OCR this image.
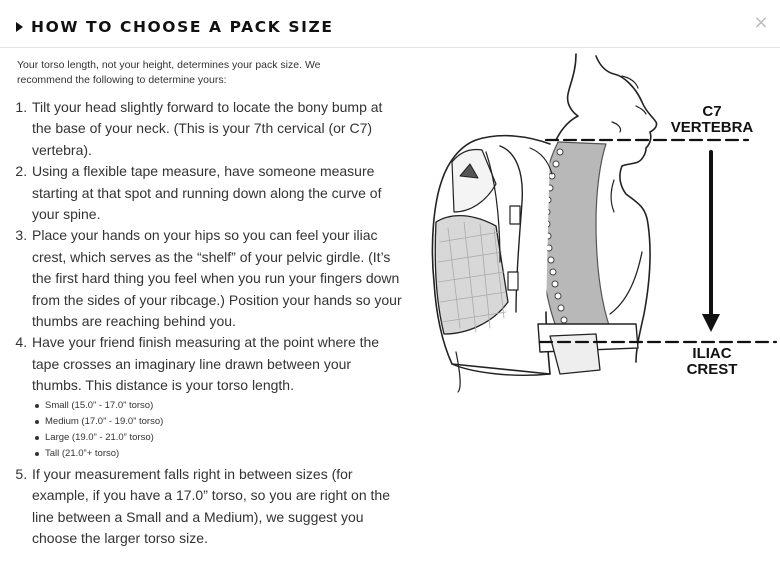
HOW TO CHOOSE A PACK SIZE	×

Your torso length, not your height, determines your pack size. We recommend the following to determine yours:

1. Tilt your head slightly forward to locate the bony bump at the base of your neck. (This is your 7th cervical (or C7) vertebra).
2. Using a flexible tape measure, have someone measure starting at that spot and running down along the curve of your spine.
3. Place your hands on your hips so you can feel your iliac crest, which serves as the “shelf” of your pelvic girdle. (It’s the first hard thing you feel when you run your fingers down from the sides of your ribcage.) Position your hands so your thumbs are reaching behind you.
4. Have your friend finish measuring at the point where the tape crosses an imaginary line drawn between your thumbs. This distance is your torso length.
Small (15.0” - 17.0” torso)
Medium (17.0” - 19.0” torso)
Large (19.0” - 21.0” torso)
Tall (21.0”+ torso)
5. If your measurement falls right in between sizes (for example, if you have a 17.0” torso, so you are right on the line between a Small and a Medium), we suggest you choose the larger torso size.
C7
VERTEBRA
ILIAC
CREST
